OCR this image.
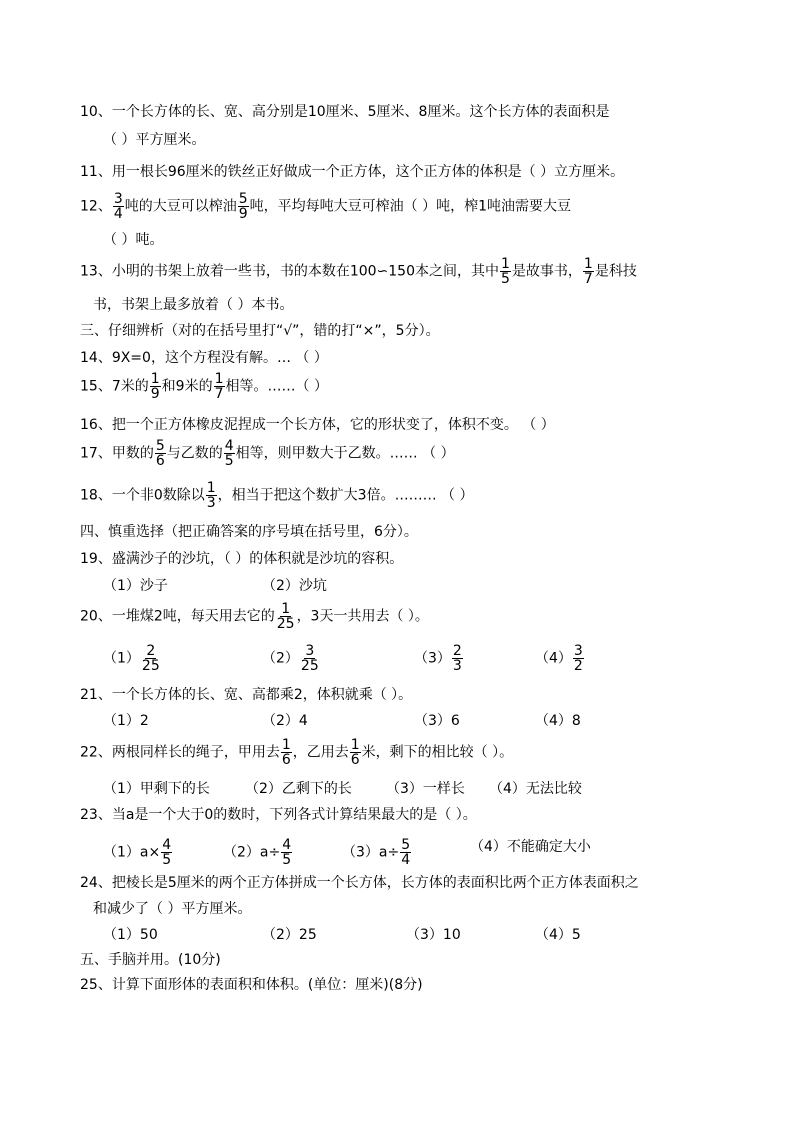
10、一个长方体的长、宽、高分别是10厘米、5厘米、8厘米。这个长方体的表面积是
（ ）平方厘米。
11、用一根长96厘米的铁丝正好做成一个正方体，这个正方体的体积是（ ）立方厘米。
12、 $\frac{3}{4}$ 吨的大豆可以榨油 $\frac{5}{9}$ 吨，平均每吨大豆可榨油（ ）吨，榨1吨油需要大豆
（ ）吨。
13、小明的书架上放着一些书，书的本数在100∽150本之间，其中 $\frac{1}{5}$ 是故事书， $\frac{1}{7}$ 是科技
书，书架上最多放着（ ）本书。
三、仔细辨析（对的在括号里打“√”，错的打“×”，5分）。
14、9X=0，这个方程没有解。… （ ）
15、7米的 $\frac{1}{9}$ 和9米的 $\frac{1}{7}$ 相等。……（ ）
16、把一个正方体橡皮泥捏成一个长方体，它的形状变了，体积不变。 （ ）
17、甲数的 $\frac{5}{6}$ 与乙数的 $\frac{4}{5}$ 相等，则甲数大于乙数。…… （ ）
18、一个非0数除以 $\frac{1}{3}$ ，相当于把这个数扩大3倍。……… （ ）
四、慎重选择（把正确答案的序号填在括号里，6分）。
19、盛满沙子的沙坑，（ ）的体积就是沙坑的容积。
（1）沙子	（2）沙坑
20、一堆煤2吨，每天用去它的 $\frac{1}{25}$ ，3天一共用去（ ）。
$(1) \frac{2}{25}$	$(2) \frac{3}{25}$	$(3) \frac{2}{3}$	$(4) \frac{3}{2}$
21、一个长方体的长、宽、高都乘2，体积就乘（ ）。
（1）2	（2）4	（3）6	（4）8
22、两根同样长的绳子，甲用去 $\frac{1}{6}$ ，乙用去 $\frac{1}{6}$ 米，剩下的相比较（ ）。
（1）甲剩下的长	（2）乙剩下的长 （3）一样长 （4）无法比较
23、当a是一个大于0的数时，下列各式计算结果最大的是（ ）。
$(1)a\times \frac{4}{5}$	$(2)a\div \frac{4}{5}$	$(3)a\div \frac{5}{4}$	（4）不能确定大小
24、把棱长是5厘米的两个正方体拼成一个长方体，长方体的表面积比两个正方体表面积之
和减少了（ ）平方厘米。
（1）50	（2）25	（3）10	（4）5
五、手脑并用。(10分)
25、计算下面形体的表面积和体积。(单位：厘米)(8分)
